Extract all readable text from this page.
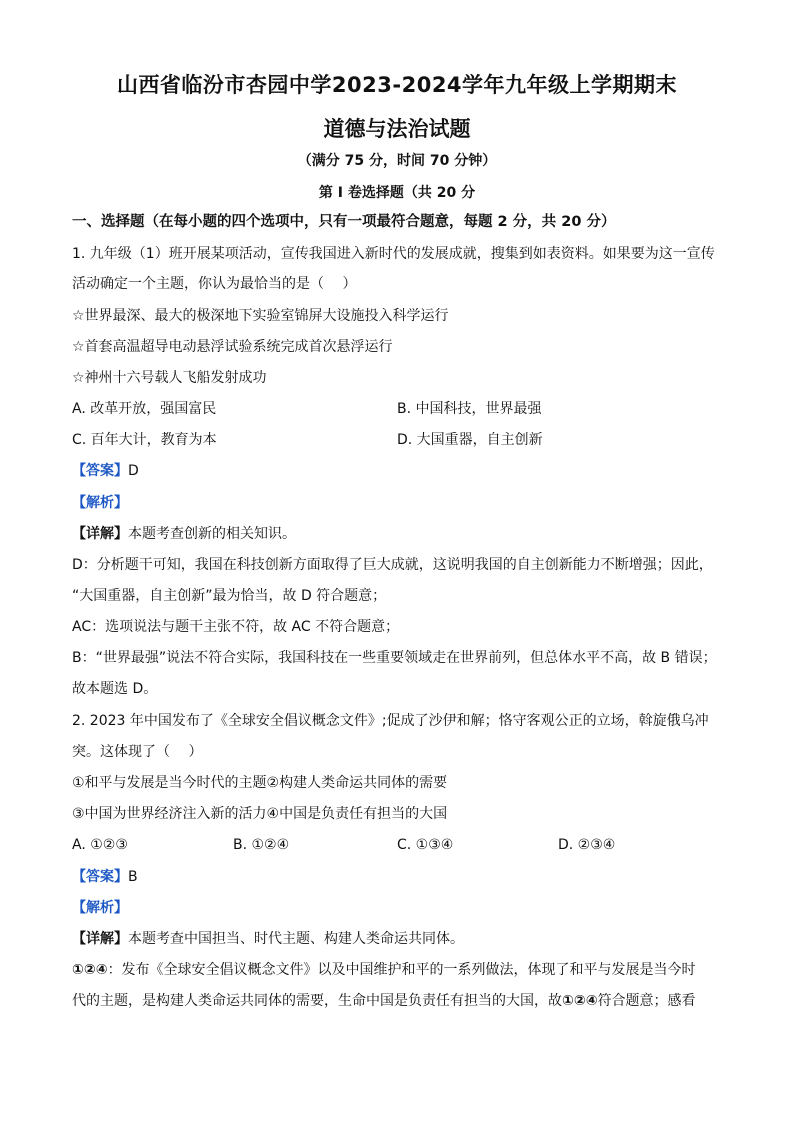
山西省临汾市杏园中学2023-2024学年九年级上学期期末
道德与法治试题
（满分 75 分，时间 70 分钟）
第 I 卷选择题（共 20 分
一、选择题（在每小题的四个选项中，只有一项最符合题意，每题 2 分，共 20 分）
1. 九年级（1）班开展某项活动，宣传我国进入新时代的发展成就，搜集到如表资料。如果要为这一宣传
活动确定一个主题，你认为最恰当的是（　 ）
☆世界最深、最大的极深地下实验室锦屏大设施投入科学运行
☆首套高温超导电动悬浮试验系统完成首次悬浮运行
☆神州十六号载人飞船发射成功
A. 改革开放，强国富民	B. 中国科技，世界最强
C. 百年大计，教育为本	D. 大国重器，自主创新
【答案】D
【解析】
【详解】本题考查创新的相关知识。
D：分析题干可知，我国在科技创新方面取得了巨大成就，这说明我国的自主创新能力不断增强；因此，
“大国重器，自主创新”最为恰当，故 D 符合题意；
AC：选项说法与题干主张不符，故 AC 不符合题意；
B：“世界最强”说法不符合实际，我国科技在一些重要领域走在世界前列，但总体水平不高，故 B 错误；
故本题选 D。
2. 2023 年中国发布了《全球安全倡议概念文件》;促成了沙伊和解；恪守客观公正的立场，斡旋俄乌冲
突。这体现了（　 ）
①和平与发展是当今时代的主题②构建人类命运共同体的需要
③中国为世界经济注入新的活力④中国是负责任有担当的大国
A. ①②③	B. ①②④	C. ①③④	D. ②③④
【答案】B
【解析】
【详解】本题考查中国担当、时代主题、构建人类命运共同体。
①②④：发布《全球安全倡议概念文件》以及中国维护和平的一系列做法，体现了和平与发展是当今时
代的主题，是构建人类命运共同体的需要，生命中国是负责任有担当的大国，故①②④符合题意；感看
